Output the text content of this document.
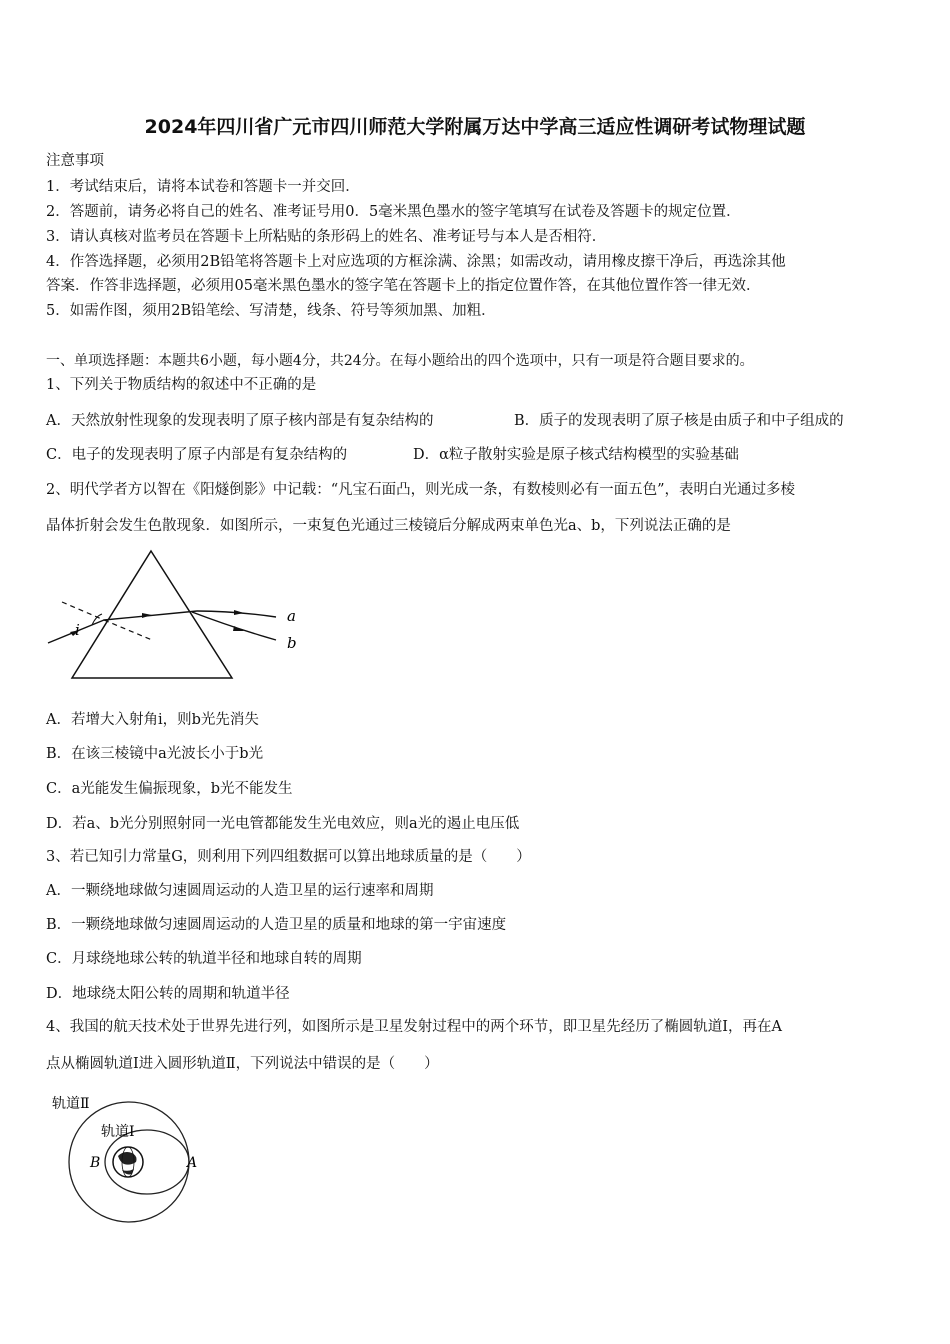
2024年四川省广元市四川师范大学附属万达中学高三适应性调研考试物理试题
注意事项
1．考试结束后，请将本试卷和答题卡一并交回．
2．答题前，请务必将自己的姓名、准考证号用0．5毫米黑色墨水的签字笔填写在试卷及答题卡的规定位置．
3．请认真核对监考员在答题卡上所粘贴的条形码上的姓名、准考证号与本人是否相符．
4．作答选择题，必须用2B铅笔将答题卡上对应选项的方框涂满、涂黑；如需改动，请用橡皮擦干净后，再选涂其他
答案．作答非选择题，必须用05毫米黑色墨水的签字笔在答题卡上的指定位置作答，在其他位置作答一律无效．
5．如需作图，须用2B铅笔绘、写清楚，线条、符号等须加黑、加粗．
一、单项选择题：本题共6小题，每小题4分，共24分。在每小题给出的四个选项中，只有一项是符合题目要求的。
1、下列关于物质结构的叙述中不正确的是
A．天然放射性现象的发现表明了原子核内部是有复杂结构的	B．质子的发现表明了原子核是由质子和中子组成的
C．电子的发现表明了原子内部是有复杂结构的	D．α粒子散射实验是原子核式结构模型的实验基础
2、明代学者方以智在《阳燧倒影》中记载：“凡宝石面凸，则光成一条，有数棱则必有一面五色”，表明白光通过多棱
晶体折射会发生色散现象．如图所示，一束复色光通过三棱镜后分解成两束单色光a、b，下列说法正确的是
i
a
b
A．若增大入射角i，则b光先消失
B．在该三棱镜中a光波长小于b光
C．a光能发生偏振现象，b光不能发生
D．若a、b光分别照射同一光电管都能发生光电效应，则a光的遏止电压低
3、若已知引力常量G，则利用下列四组数据可以算出地球质量的是（　　）
A．一颗绕地球做匀速圆周运动的人造卫星的运行速率和周期
B．一颗绕地球做匀速圆周运动的人造卫星的质量和地球的第一宇宙速度
C．月球绕地球公转的轨道半径和地球自转的周期
D．地球绕太阳公转的周期和轨道半径
4、我国的航天技术处于世界先进行列，如图所示是卫星发射过程中的两个环节，即卫星先经历了椭圆轨道Ⅰ，再在A
点从椭圆轨道Ⅰ进入圆形轨道Ⅱ，下列说法中错误的是（　　）
轨道Ⅱ
轨道Ⅰ
B	A
